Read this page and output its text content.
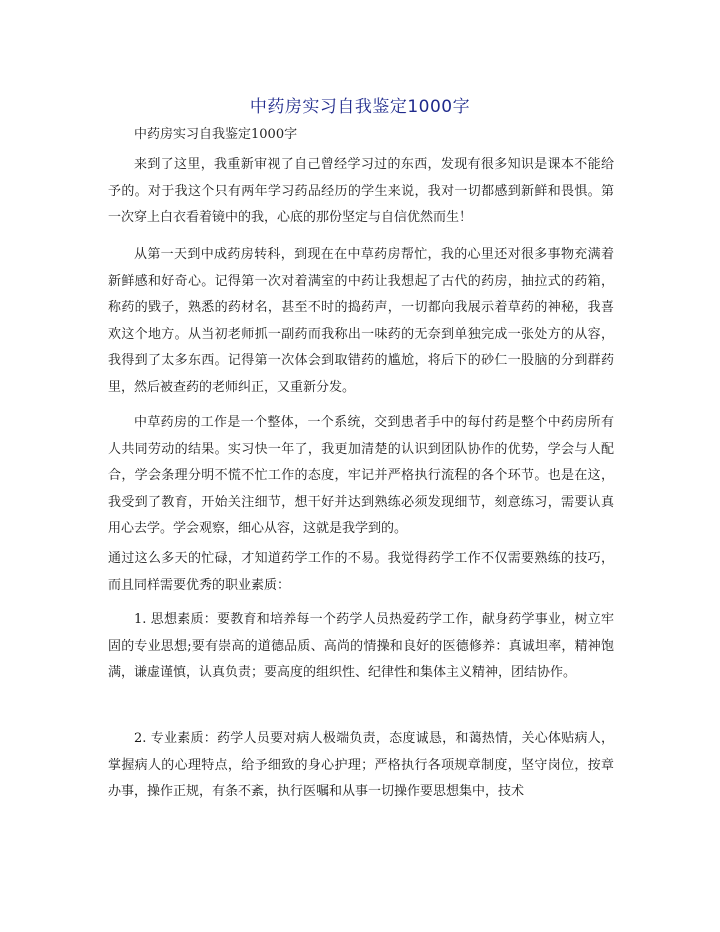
中药房实习自我鉴定1000字
中药房实习自我鉴定1000字
来到了这里，我重新审视了自己曾经学习过的东西，发现有很多知识是课本不能给予的。对于我这个只有两年学习药品经历的学生来说，我对一切都感到新鲜和畏惧。第一次穿上白衣看着镜中的我，心底的那份坚定与自信优然而生！
从第一天到中成药房转科，到现在在中草药房帮忙，我的心里还对很多事物充满着新鲜感和好奇心。记得第一次对着满室的中药让我想起了古代的药房，抽拉式的药箱，称药的戥子，熟悉的药材名，甚至不时的捣药声，一切都向我展示着草药的神秘，我喜欢这个地方。从当初老师抓一副药而我称出一味药的无奈到单独完成一张处方的从容，我得到了太多东西。记得第一次体会到取错药的尴尬，将后下的砂仁一股脑的分到群药里，然后被查药的老师纠正，又重新分发。
中草药房的工作是一个整体，一个系统，交到患者手中的每付药是整个中药房所有人共同劳动的结果。实习快一年了，我更加清楚的认识到团队协作的优势，学会与人配合，学会条理分明不慌不忙工作的态度，牢记并严格执行流程的各个环节。也是在这，我受到了教育，开始关注细节，想干好并达到熟练必须发现细节，刻意练习，需要认真用心去学。学会观察，细心从容，这就是我学到的。
通过这么多天的忙碌，才知道药学工作的不易。我觉得药学工作不仅需要熟练的技巧，而且同样需要优秀的职业素质：
1. 思想素质：要教育和培养每一个药学人员热爱药学工作，献身药学事业，树立牢固的专业思想;要有崇高的道德品质、高尚的情操和良好的医德修养：真诚坦率，精神饱满，谦虚谨慎，认真负责；要高度的组织性、纪律性和集体主义精神，团结协作。
2. 专业素质：药学人员要对病人极端负责，态度诚恳，和蔼热情，关心体贴病人，掌握病人的心理特点，给予细致的身心护理；严格执行各项规章制度，坚守岗位，按章办事，操作正规，有条不紊，执行医嘱和从事一切操作要思想集中，技术
